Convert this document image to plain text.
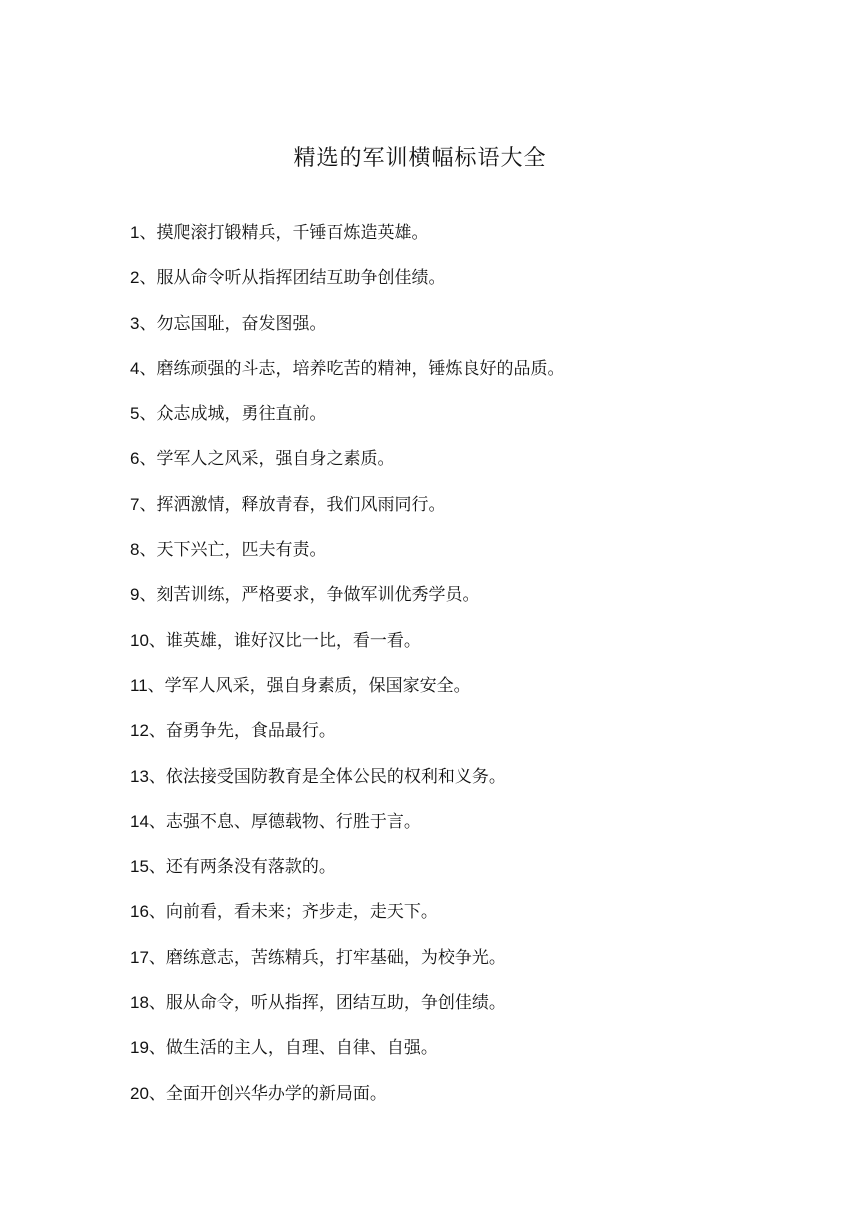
精选的军训横幅标语大全
1、摸爬滚打锻精兵，千锤百炼造英雄。
2、服从命令听从指挥团结互助争创佳绩。
3、勿忘国耻，奋发图强。
4、磨练顽强的斗志，培养吃苦的精神，锤炼良好的品质。
5、众志成城，勇往直前。
6、学军人之风采，强自身之素质。
7、挥洒激情，释放青春，我们风雨同行。
8、天下兴亡，匹夫有责。
9、刻苦训练，严格要求，争做军训优秀学员。
10、谁英雄，谁好汉比一比，看一看。
11、学军人风采，强自身素质，保国家安全。
12、奋勇争先，食品最行。
13、依法接受国防教育是全体公民的权利和义务。
14、志强不息、厚德载物、行胜于言。
15、还有两条没有落款的。
16、向前看，看未来；齐步走，走天下。
17、磨练意志，苦练精兵，打牢基础，为校争光。
18、服从命令，听从指挥，团结互助，争创佳绩。
19、做生活的主人，自理、自律、自强。
20、全面开创兴华办学的新局面。
